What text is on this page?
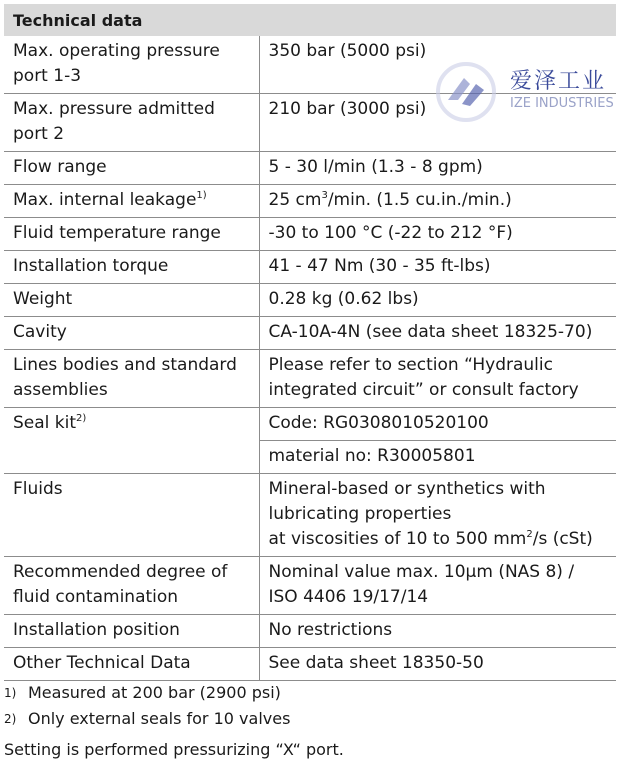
Technical data	

Max. operating pressure
port 1-3	350 bar (5000 psi)

Max. pressure admitted
port 2	210 bar (3000 psi)

Flow range	5 - 30 l/min (1.3 - 8 gpm)

Max. internal leakage$^{1)}$	25 $cm^3/\min$. (1.5 cu.in./min.)

Fluid temperature range	-30 to 100 °C (-22 to 212 °F)

Installation torque	41 - 47 Nm (30 - 35 ft-lbs)

Weight	0.28 kg (0.62 lbs)

Cavity	CA-10A-4N (see data sheet 18325-70)

Lines bodies and standard
assemblies	Please refer to section “Hydraulic
integrated circuit” or consult factory

Seal kit$^{2)}$	Code: RG0308010520100

	material no: R30005801

Fluids	Mineral-based or synthetics with
lubricating properties
at viscosities of 10 to 500 $mm^2/s$ (cSt)

Recommended degree of
fluid contamination	Nominal value max. 10µm (NAS 8) /
ISO 4406 19/17/14

Installation position	No restrictions

Other Technical Data	See data sheet 18350-50
爱泽工业
IZE INDUSTRIES
1) Measured at 200 bar (2900 psi)
2) Only external seals for 10 valves
Setting is performed pressurizing “X“ port.
